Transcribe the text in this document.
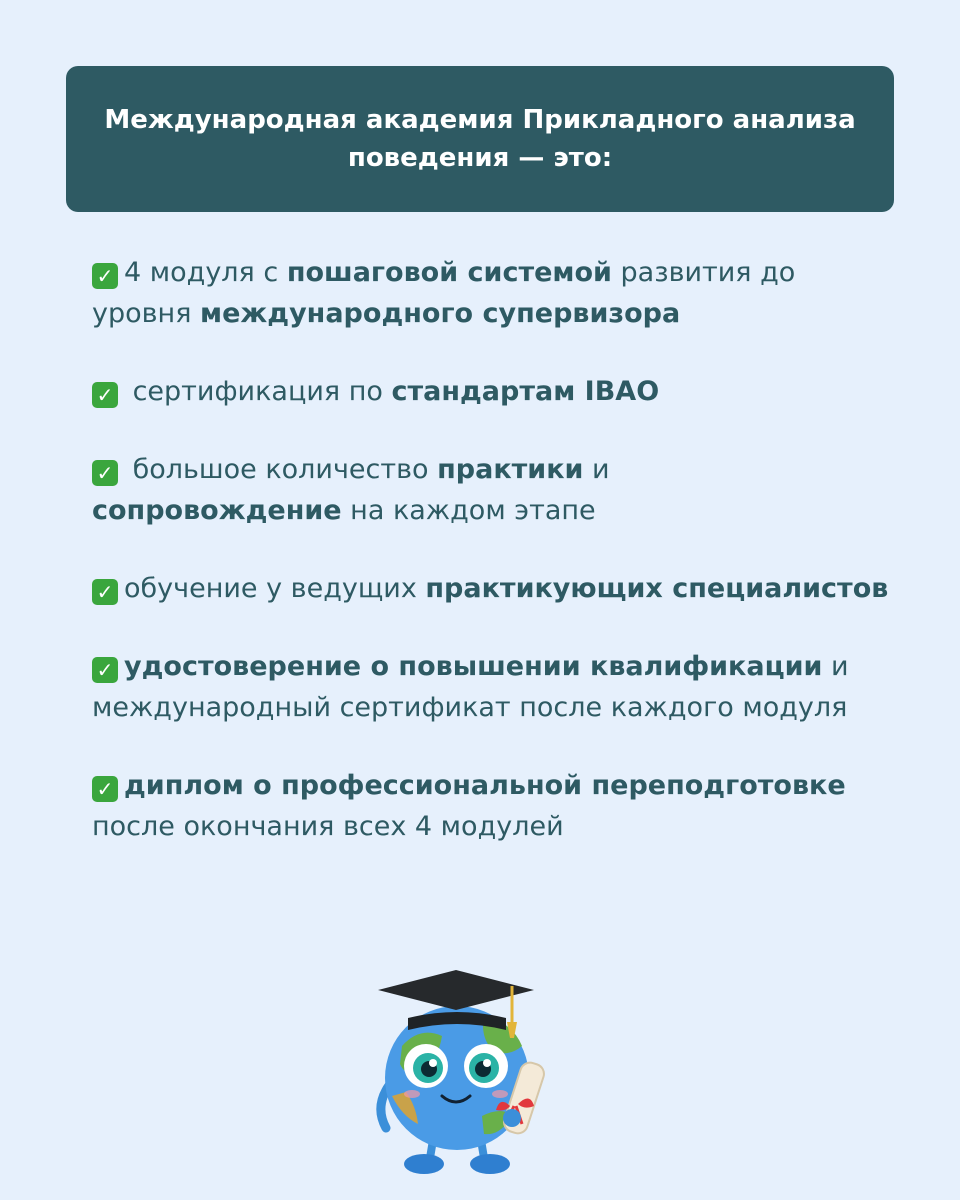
Международная академия Прикладного анализа поведения — это:

✓ 4 модуля с пошаговой системой развития до уровня международного супервизора
✓ сертификация по стандартам IBAO
✓ большое количество практики и
сопровождение на каждом этапе
✓ обучение у ведущих практикующих специалистов
✓ удостоверение о повышении квалификации и международный сертификат после каждого модуля
✓ диплом о профессиональной переподготовке после окончания всех 4 модулей
